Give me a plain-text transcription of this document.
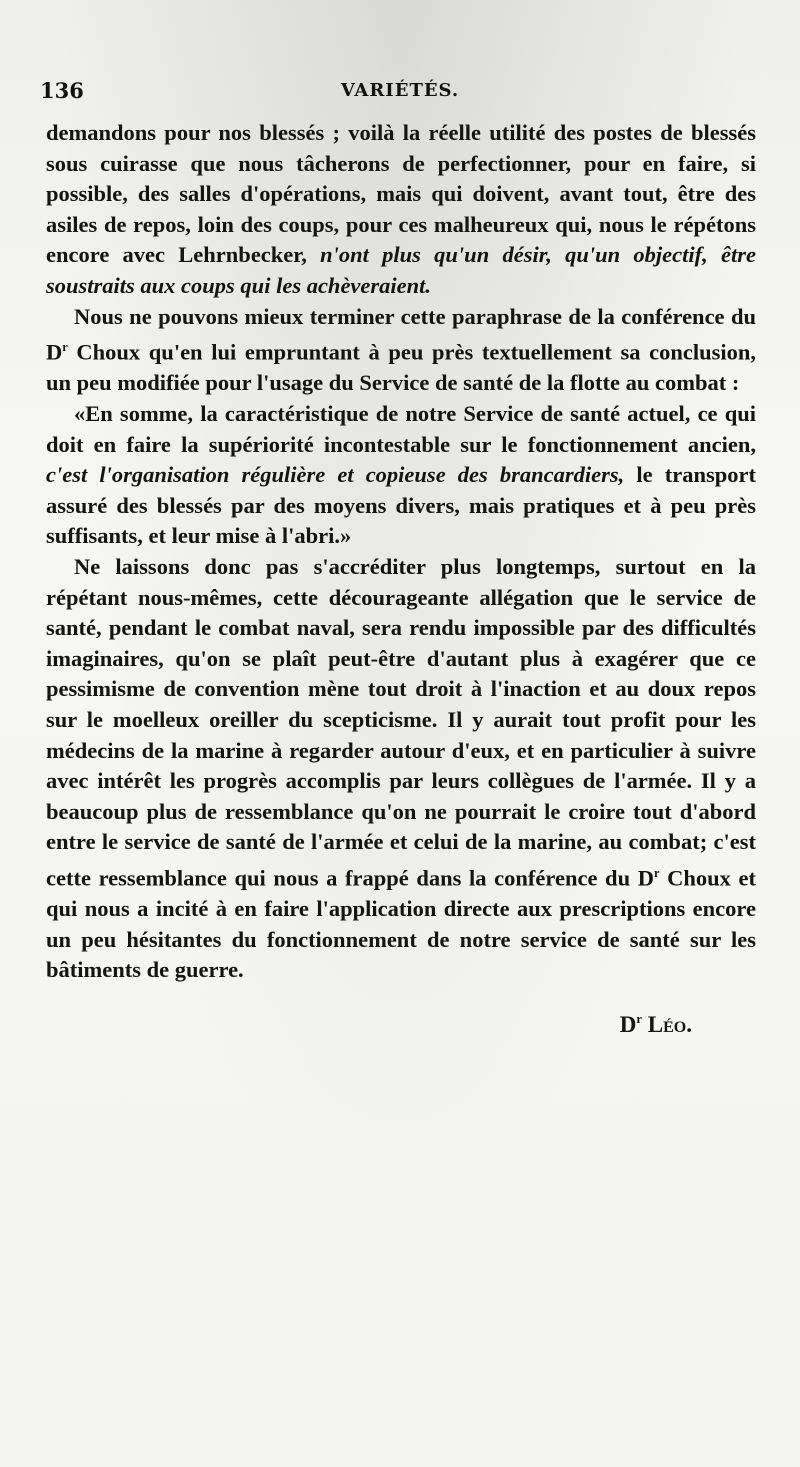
136	VARIÉTÉS.

demandons pour nos blessés ; voilà la réelle utilité des postes de blessés sous cuirasse que nous tâcherons de perfectionner, pour en faire, si possible, des salles d'opérations, mais qui doivent, avant tout, être des asiles de repos, loin des coups, pour ces malheureux qui, nous le répétons encore avec Lehrnbecker, n'ont plus qu'un désir, qu'un objectif, être soustraits aux coups qui les achèveraient.

Nous ne pouvons mieux terminer cette paraphrase de la conférence du $D^r$ Choux qu'en lui empruntant à peu près textuellement sa conclusion, un peu modifiée pour l'usage du Service de santé de la flotte au combat :

«En somme, la caractéristique de notre Service de santé actuel, ce qui doit en faire la supériorité incontestable sur le fonctionnement ancien, c'est l'organisation régulière et copieuse des brancardiers, le transport assuré des blessés par des moyens divers, mais pratiques et à peu près suffisants, et leur mise à l'abri.»

Ne laissons donc pas s'accréditer plus longtemps, surtout en la répétant nous-mêmes, cette décourageante allégation que le service de santé, pendant le combat naval, sera rendu impossible par des difficultés imaginaires, qu'on se plaît peut-être d'autant plus à exagérer que ce pessimisme de convention mène tout droit à l'inaction et au doux repos sur le moelleux oreiller du scepticisme. Il y aurait tout profit pour les médecins de la marine à regarder autour d'eux, et en particulier à suivre avec intérêt les progrès accomplis par leurs collègues de l'armée. Il y a beaucoup plus de ressemblance qu'on ne pourrait le croire tout d'abord entre le service de santé de l'armée et celui de la marine, au combat; c'est cette ressemblance qui nous a frappé dans la conférence du $D^r$ Choux et qui nous a incité à en faire l'application directe aux prescriptions encore un peu hésitantes du fonctionnement de notre service de santé sur les bâtiments de guerre.

$D^r$ Léo.
